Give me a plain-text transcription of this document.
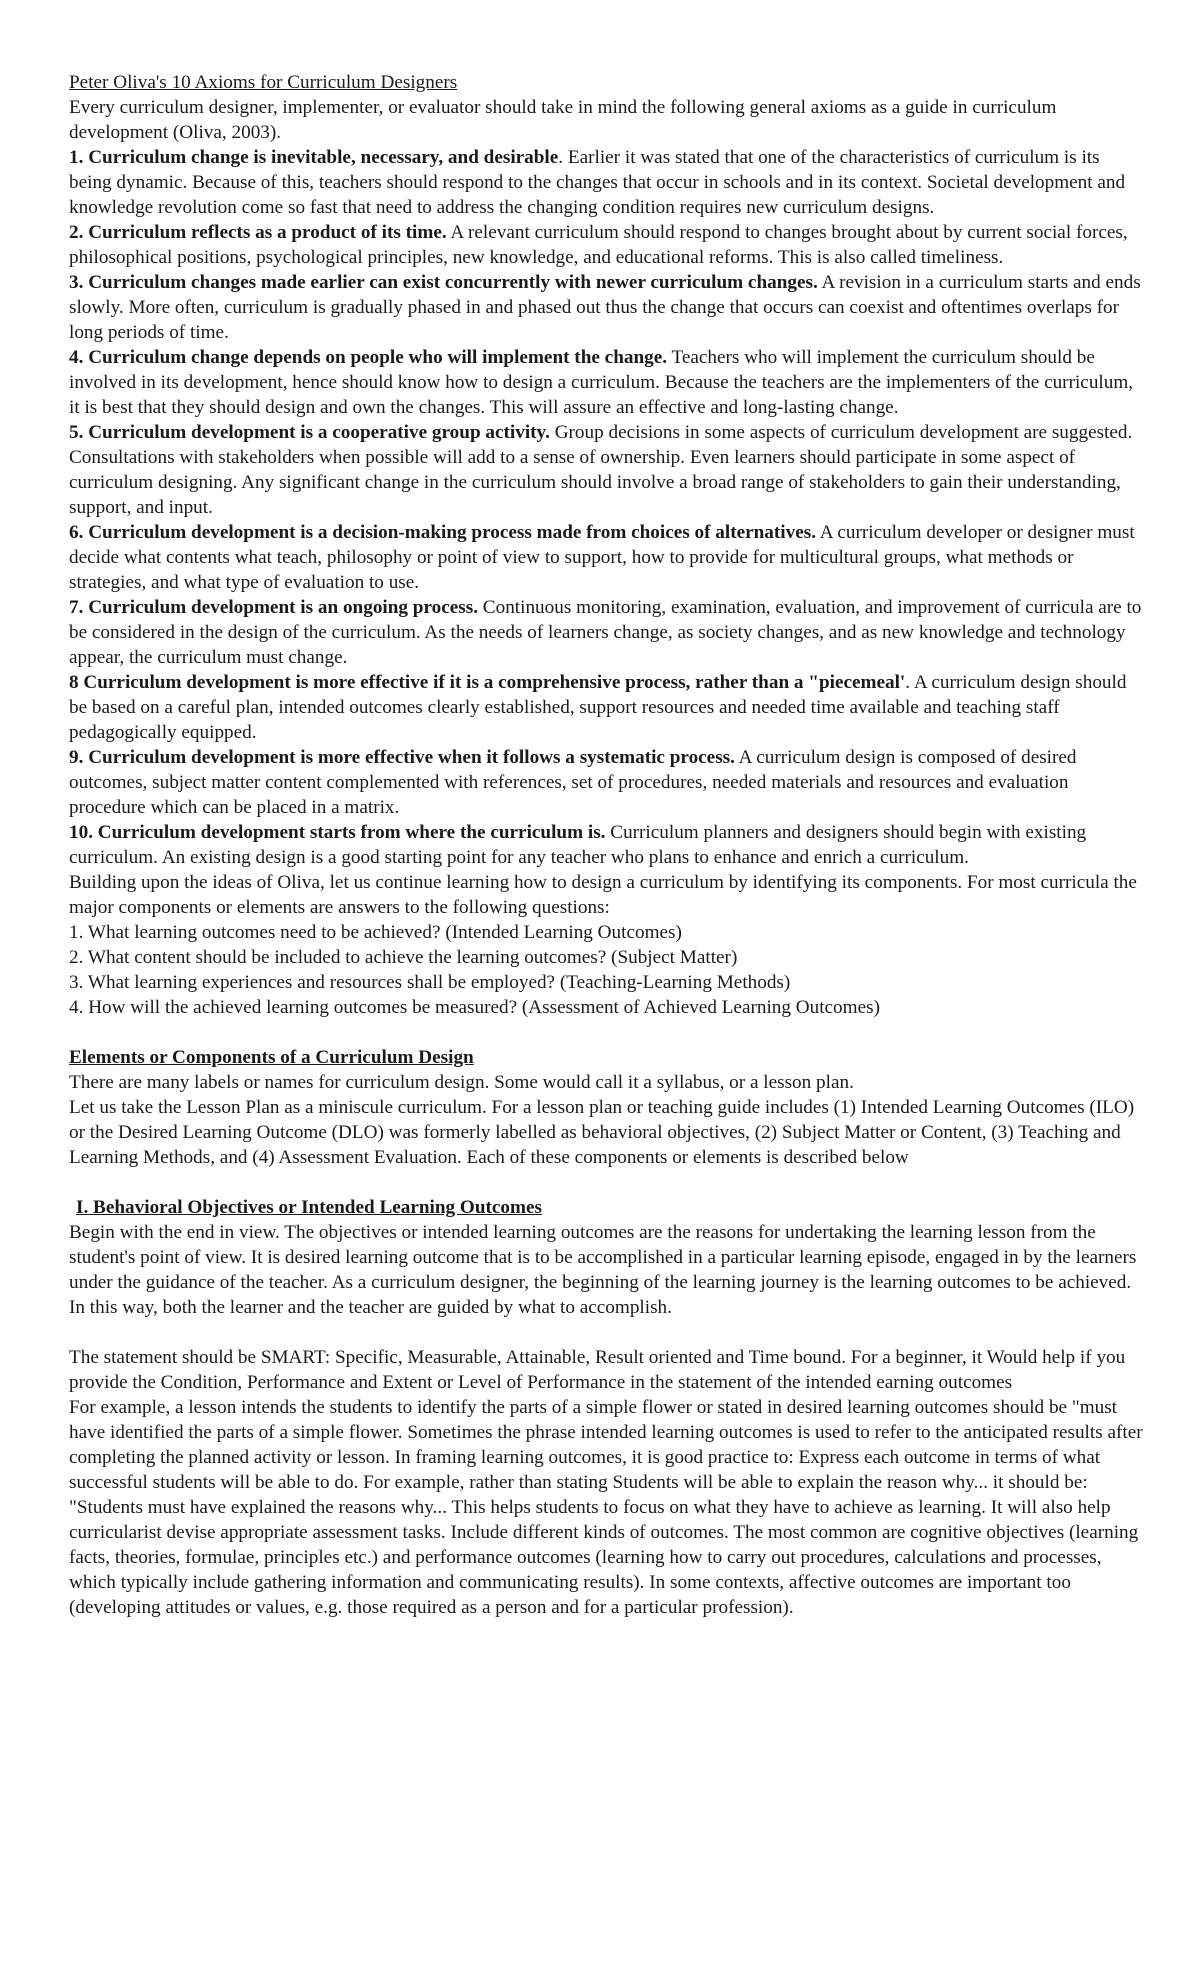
Peter Oliva's 10 Axioms for Curriculum Designers

Every curriculum designer, implementer, or evaluator should take in mind the following general axioms as a guide in curriculum development (Oliva, 2003).

1. Curriculum change is inevitable, necessary, and desirable. Earlier it was stated that one of the characteristics of curriculum is its being dynamic. Because of this, teachers should respond to the changes that occur in schools and in its context. Societal development and knowledge revolution come so fast that need to address the changing condition requires new curriculum designs.

2. Curriculum reflects as a product of its time. A relevant curriculum should respond to changes brought about by current social forces, philosophical positions, psychological principles, new knowledge, and educational reforms. This is also called timeliness.

3. Curriculum changes made earlier can exist concurrently with newer curriculum changes. A revision in a curriculum starts and ends slowly. More often, curriculum is gradually phased in and phased out thus the change that occurs can coexist and oftentimes overlaps for long periods of time.

4. Curriculum change depends on people who will implement the change. Teachers who will implement the curriculum should be involved in its development, hence should know how to design a curriculum. Because the teachers are the implementers of the curriculum, it is best that they should design and own the changes. This will assure an effective and long-lasting change.

5. Curriculum development is a cooperative group activity. Group decisions in some aspects of curriculum development are suggested. Consultations with stakeholders when possible will add to a sense of ownership. Even learners should participate in some aspect of curriculum designing. Any significant change in the curriculum should involve a broad range of stakeholders to gain their understanding, support, and input.

6. Curriculum development is a decision-making process made from choices of alternatives. A curriculum developer or designer must decide what contents what teach, philosophy or point of view to support, how to provide for multicultural groups, what methods or strategies, and what type of evaluation to use.

7. Curriculum development is an ongoing process. Continuous monitoring, examination, evaluation, and improvement of curricula are to be considered in the design of the curriculum. As the needs of learners change, as society changes, and as new knowledge and technology appear, the curriculum must change.

8 Curriculum development is more effective if it is a comprehensive process, rather than a "piecemeal'. A curriculum design should be based on a careful plan, intended outcomes clearly established, support resources and needed time available and teaching staff pedagogically equipped.

9. Curriculum development is more effective when it follows a systematic process. A curriculum design is composed of desired outcomes, subject matter content complemented with references, set of procedures, needed materials and resources and evaluation procedure which can be placed in a matrix.

10. Curriculum development starts from where the curriculum is. Curriculum planners and designers should begin with existing curriculum. An existing design is a good starting point for any teacher who plans to enhance and enrich a curriculum.

Building upon the ideas of Oliva, let us continue learning how to design a curriculum by identifying its components. For most curricula the major components or elements are answers to the following questions:

1. What learning outcomes need to be achieved? (Intended Learning Outcomes)

2. What content should be included to achieve the learning outcomes? (Subject Matter)

3. What learning experiences and resources shall be employed? (Teaching-Learning Methods)

4. How will the achieved learning outcomes be measured? (Assessment of Achieved Learning Outcomes)

Elements or Components of a Curriculum Design

There are many labels or names for curriculum design. Some would call it a syllabus, or a lesson plan.

Let us take the Lesson Plan as a miniscule curriculum. For a lesson plan or teaching guide includes (1) Intended Learning Outcomes (ILO) or the Desired Learning Outcome (DLO) was formerly labelled as behavioral objectives, (2) Subject Matter or Content, (3) Teaching and Learning Methods, and (4) Assessment Evaluation. Each of these components or elements is described below

I. Behavioral Objectives or Intended Learning Outcomes

Begin with the end in view. The objectives or intended learning outcomes are the reasons for undertaking the learning lesson from the student's point of view. It is desired learning outcome that is to be accomplished in a particular learning episode, engaged in by the learners under the guidance of the teacher. As a curriculum designer, the beginning of the learning journey is the learning outcomes to be achieved. In this way, both the learner and the teacher are guided by what to accomplish.

The statement should be SMART: Specific, Measurable, Attainable, Result oriented and Time bound. For a beginner, it Would help if you provide the Condition, Performance and Extent or Level of Performance in the statement of the intended earning outcomes

For example, a lesson intends the students to identify the parts of a simple flower or stated in desired learning outcomes should be "must have identified the parts of a simple flower. Sometimes the phrase intended learning outcomes is used to refer to the anticipated results after completing the planned activity or lesson. In framing learning outcomes, it is good practice to: Express each outcome in terms of what successful students will be able to do. For example, rather than stating Students will be able to explain the reason why... it should be: "Students must have explained the reasons why... This helps students to focus on what they have to achieve as learning. It will also help curricularist devise appropriate assessment tasks. Include different kinds of outcomes. The most common are cognitive objectives (learning facts, theories, formulae, principles etc.) and performance outcomes (learning how to carry out procedures, calculations and processes, which typically include gathering information and communicating results). In some contexts, affective outcomes are important too (developing attitudes or values, e.g. those required as a person and for a particular profession).
